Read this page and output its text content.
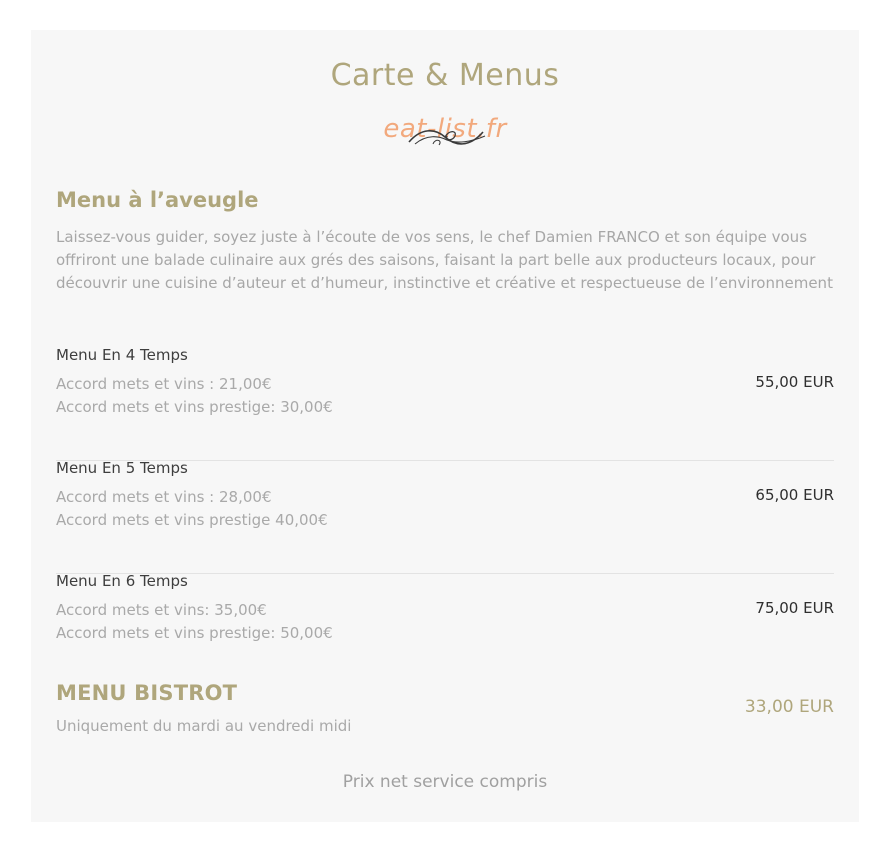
Carte & Menus
eat-list.fr
Menu à l’aveugle
Laissez-vous guider, soyez juste à l’écoute de vos sens, le chef Damien FRANCO et son équipe vous offriront une balade culinaire aux grés des saisons, faisant la part belle aux producteurs locaux, pour découvrir une cuisine d’auteur et d’humeur, instinctive et créative et respectueuse de l’environnement
Menu En 4 Temps
Accord mets et vins : 21,00€
Accord mets et vins prestige: 30,00€
55,00 EUR
Menu En 5 Temps
Accord mets et vins : 28,00€
Accord mets et vins prestige 40,00€
65,00 EUR
Menu En 6 Temps
Accord mets et vins: 35,00€
Accord mets et vins prestige: 50,00€
75,00 EUR
MENU BISTROT
33,00 EUR
Uniquement du mardi au vendredi midi
Prix net service compris
